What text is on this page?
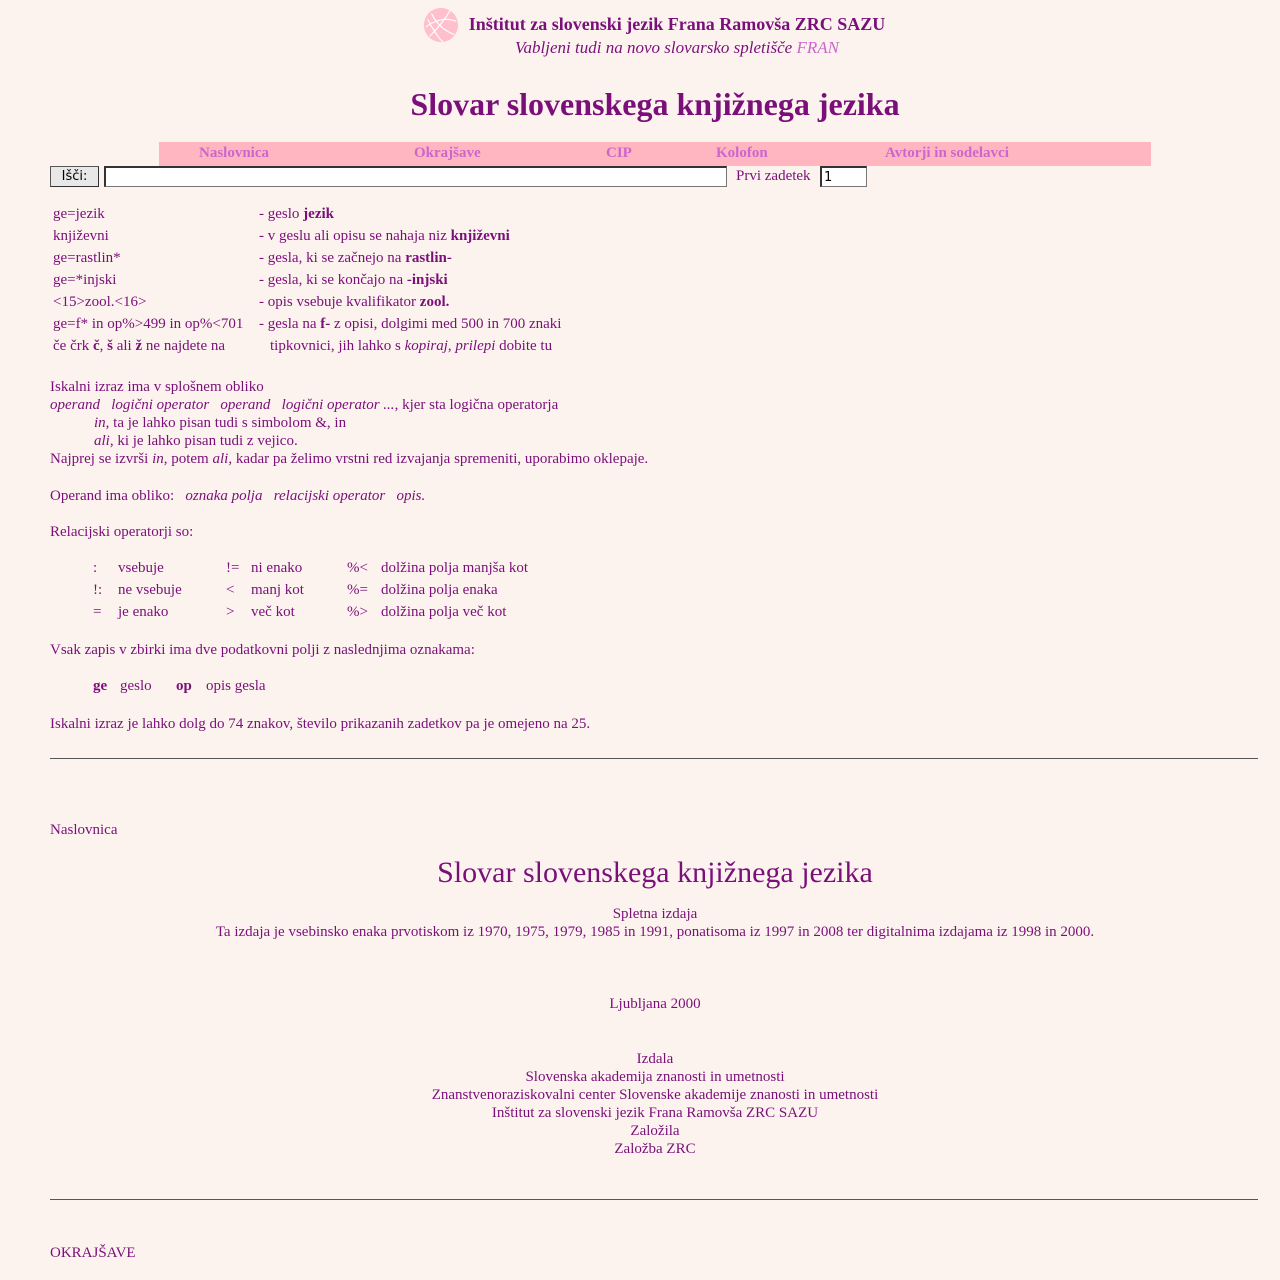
Inštitut za slovenski jezik Frana Ramovša ZRC SAZU
Vabljeni tudi na novo slovarsko spletišče FRAN
Slovar slovenskega knjižnega jezika
Naslovnica	Okrajšave	CIP	Kolofon	Avtorji in sodelavci
Išči:	Prvi zadetek
1
ge=jezik	- geslo jezik
književni	- v geslu ali opisu se nahaja niz književni
ge=rastlin*	- gesla, ki se začnejo na rastlin-
ge=*injski	- gesla, ki se končajo na -injski
<15>zool.<16>	- opis vsebuje kvalifikator zool.
ge=f* in op%>499 in op%<701 - gesla na f- z opisi, dolgimi med 500 in 700 znaki
če črk č, š ali ž ne najdete na	tipkovnici, jih lahko s kopiraj, prilepi dobite tu
Iskalni izraz ima v splošnem obliko
operand   logični operator   operand   logični operator ..., kjer sta logična operatorja
in, ta je lahko pisan tudi s simbolom &, in
ali, ki je lahko pisan tudi z vejico.
Najprej se izvrši in, potem ali, kadar pa želimo vrstni red izvajanja spremeniti, uporabimo oklepaje.
Operand ima obliko: oznaka polja   relacijski operator   opis.
Relacijski operatorji so:
: vsebuje	!= ni enako	%< dolžina polja manjša kot
!: ne vsebuje	< manj kot	%= dolžina polja enaka
= je enako	> več kot	%> dolžina polja več kot
Vsak zapis v zbirki ima dve podatkovni polji z naslednjima oznakama:
ge geslo op opis gesla
Iskalni izraz je lahko dolg do 74 znakov, število prikazanih zadetkov pa je omejeno na 25.
Naslovnica
Slovar slovenskega knjižnega jezika
Spletna izdaja
Ta izdaja je vsebinsko enaka prvotiskom iz 1970, 1975, 1979, 1985 in 1991, ponatisoma iz 1997 in 2008 ter digitalnima izdajama iz 1998 in 2000.
Ljubljana 2000
Izdala
Slovenska akademija znanosti in umetnosti
Znanstvenoraziskovalni center Slovenske akademije znanosti in umetnosti
Inštitut za slovenski jezik Frana Ramovša ZRC SAZU
Založila
Založba ZRC
OKRAJŠAVE
